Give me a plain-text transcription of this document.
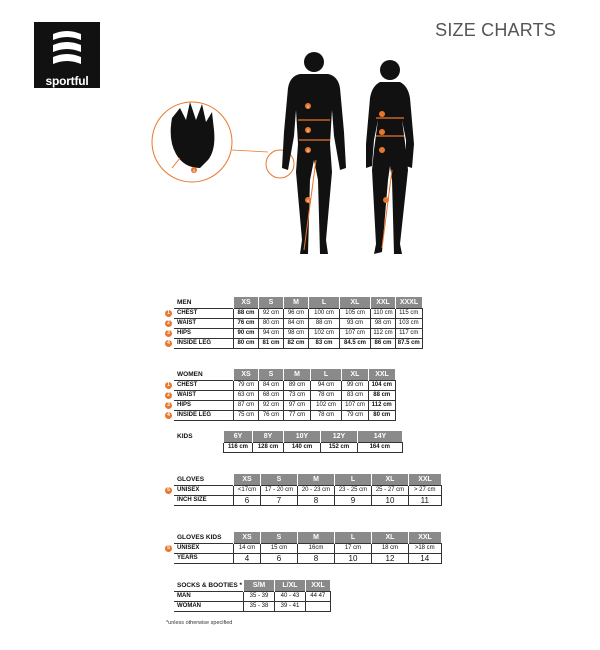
sportful
SIZE CHARTS
1
2
3
4
5
	MEN	XS	S	M	L	XL	XXL	XXXL
1	CHEST	88 cm	92 cm	96 cm	100 cm	105 cm	110 cm	115 cm
2	WAIST	76 cm	80 cm	84 cm	88 cm	93 cm	98 cm	103 cm
3	HIPS	90 cm	94 cm	98 cm	102 cm	107 cm	112 cm	117 cm
4	INSIDE LEG	80 cm	81 cm	82 cm	83 cm	84.5 cm	86 cm	87.5 cm
	WOMEN	XS	S	M	L	XL	XXL
1	CHEST	79 cm	84 cm	89 cm	94 cm	99 cm	104 cm
2	WAIST	63 cm	68 cm	73 cm	78 cm	83 cm	88 cm
3	HIPS	87 cm	92 cm	97 cm	102 cm	107 cm	112 cm
4	INSIDE LEG	75 cm	76 cm	77 cm	78 cm	79 cm	80 cm
	KIDS	6Y	8Y	10Y	12Y	14Y
		116 cm	128 cm	140 cm	152 cm	164 cm
	GLOVES	XS	S	M	L	XL	XXL
5	UNISEX	<17cm	17 - 20 cm	20 - 23 cm	23 - 25 cm	25 - 27 cm	> 27 cm
	INCH SIZE	6	7	8	9	10	11
	GLOVES KIDS	XS	S	M	L	XL	XXL
5	UNISEX	14 cm	15 cm	16cm	17 cm	18 cm	>18 cm
	YEARS	4	6	8	10	12	14
	SOCKS & BOOTIES *	S/M	L/XL	XXL
	MAN	35 - 39	40 - 43	44 47
	WOMAN	35 - 38	39 - 41	
*unless otherwise specified
